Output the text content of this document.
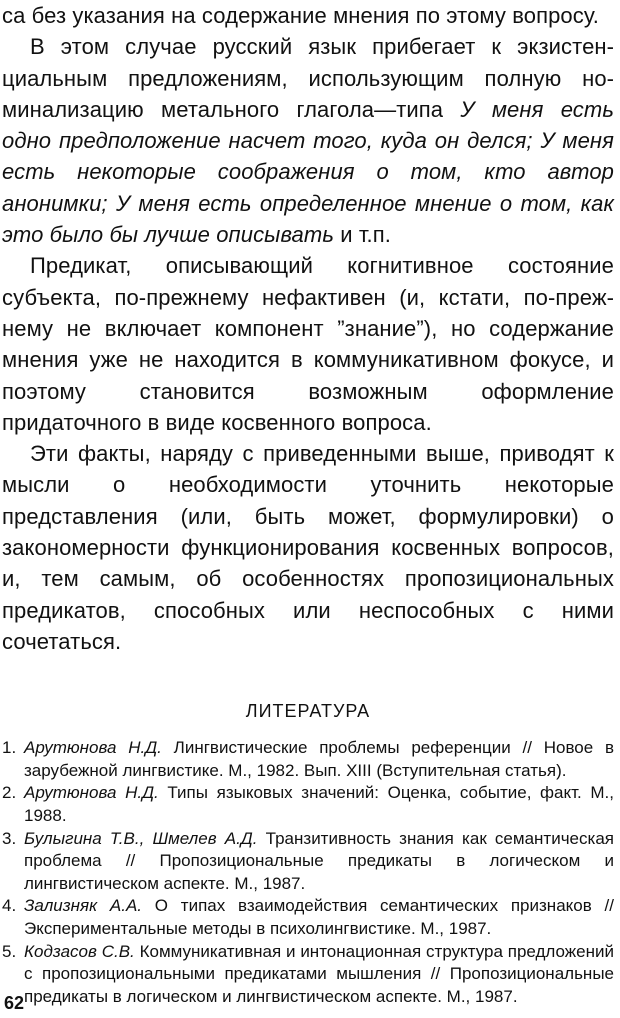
са без указания на содержание мнения по этому вопросу.

В этом случае русский язык прибегает к экзистенциальным предложениям, использующим полную номинализацию метального глагола—типа У меня есть одно предположение насчет того, куда он делся; У меня есть некоторые соображения о том, кто автор анонимки; У меня есть определенное мнение о том, как это было бы лучше описывать и т.п.

Предикат, описывающий когнитивное состояние субъекта, по-прежнему нефактивен (и, кстати, по-прежнему не включает компонент ”знание”), но содержание мнения уже не находится в коммуникативном фокусе, и поэтому становится возможным оформление придаточного в виде косвенного вопроса.

Эти факты, наряду с приведенными выше, приводят к мысли о необходимости уточнить некоторые представления (или, быть может, формулировки) о закономерности функционирования косвенных вопросов, и, тем самым, об особенностях пропозициональных предикатов, способных или неспособных с ними сочетаться.

ЛИТЕРАТУРА

1. Арутюнова Н.Д. Лингвистические проблемы референции // Новое в зарубежной лингвистике. М., 1982. Вып. XIII (Вступительная статья).

2. Арутюнова Н.Д. Типы языковых значений: Оценка, событие, факт. М., 1988.

3. Булыгина Т.В., Шмелев А.Д. Транзитивность знания как семантическая проблема // Пропозициональные предикаты в логическом и лингвистическом аспекте. М., 1987.

4. Зализняк А.А. О типах взаимодействия семантических признаков // Экспериментальные методы в психолингвистике. М., 1987.

5. Кодзасов С.В. Коммуникативная и интонационная структура предложений с пропозициональными предикатами мышления // Пропозициональные предикаты в логическом и лингвистическом аспекте. М., 1987.

62
